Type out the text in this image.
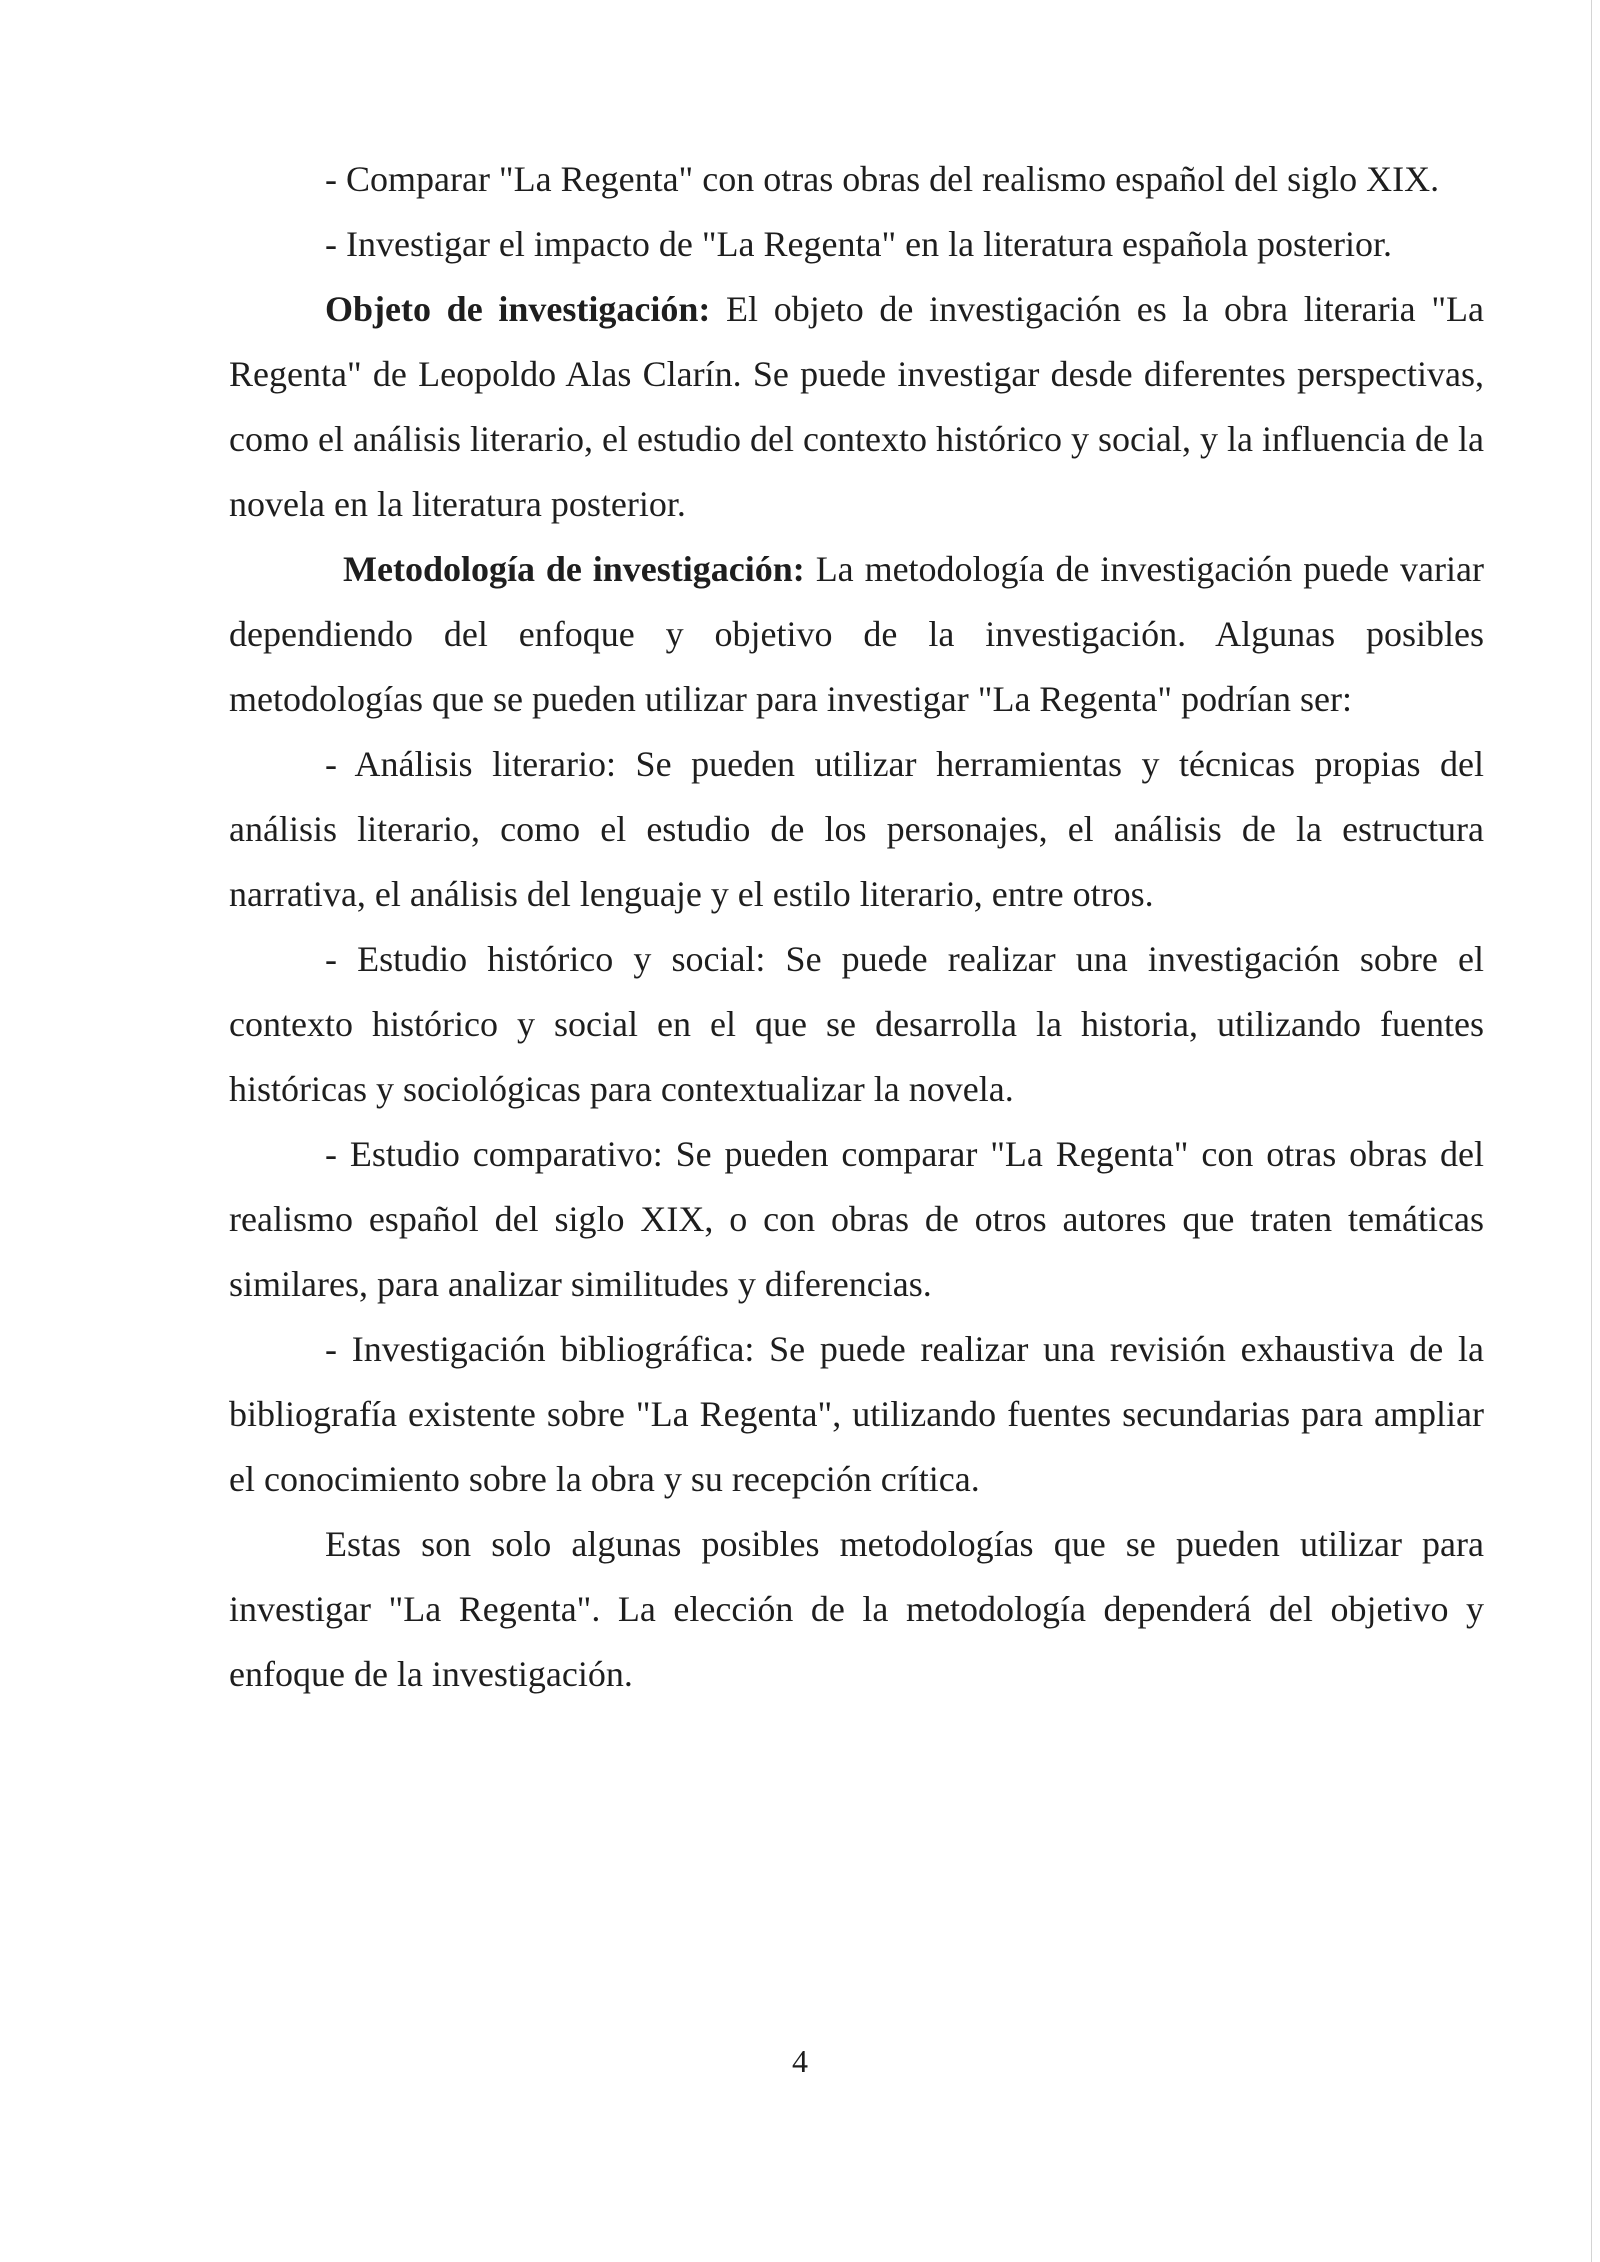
- Comparar "La Regenta" con otras obras del realismo español del siglo XIX.

- Investigar el impacto de "La Regenta" en la literatura española posterior.

Objeto de investigación: El objeto de investigación es la obra literaria "La Regenta" de Leopoldo Alas Clarín. Se puede investigar desde diferentes perspectivas, como el análisis literario, el estudio del contexto histórico y social, y la influencia de la novela en la literatura posterior.

Metodología de investigación: La metodología de investigación puede variar dependiendo del enfoque y objetivo de la investigación. Algunas posibles metodologías que se pueden utilizar para investigar "La Regenta" podrían ser:

- Análisis literario: Se pueden utilizar herramientas y técnicas propias del análisis literario, como el estudio de los personajes, el análisis de la estructura narrativa, el análisis del lenguaje y el estilo literario, entre otros.

- Estudio histórico y social: Se puede realizar una investigación sobre el contexto histórico y social en el que se desarrolla la historia, utilizando fuentes históricas y sociológicas para contextualizar la novela.

- Estudio comparativo: Se pueden comparar "La Regenta" con otras obras del realismo español del siglo XIX, o con obras de otros autores que traten temáticas similares, para analizar similitudes y diferencias.

- Investigación bibliográfica: Se puede realizar una revisión exhaustiva de la bibliografía existente sobre "La Regenta", utilizando fuentes secundarias para ampliar el conocimiento sobre la obra y su recepción crítica.

Estas son solo algunas posibles metodologías que se pueden utilizar para investigar "La Regenta". La elección de la metodología dependerá del objetivo y enfoque de la investigación.

4
